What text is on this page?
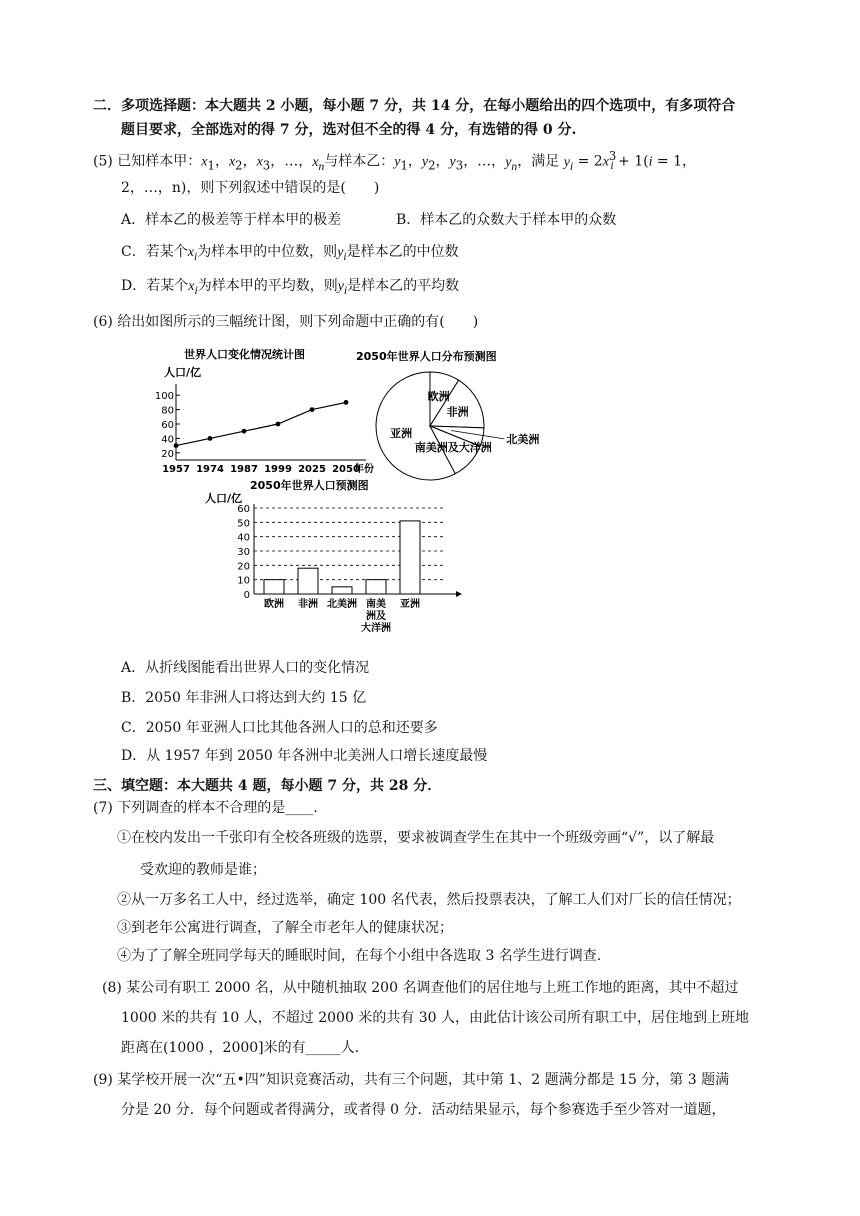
二．多项选择题：本大题共 2 小题，每小题 7 分，共 14 分，在每小题给出的四个选项中，有多项符合
题目要求，全部选对的得 7 分，选对但不全的得 4 分，有选错的得 0 分.
(5) 已知样本甲：$x_1$，$x_2$，$x_3$，…，$x_n$与样本乙：$y_1$，$y_2$，$y_3$，…，$y_n$，满足 $y_i = 2x^3_i + 1(i = 1$，
2，…，n)，则下列叙述中错误的是(　　)
A．样本乙的极差等于样本甲的极差	B．样本乙的众数大于样本甲的众数
C．若某个$x_i$为样本甲的中位数，则$y_i$是样本乙的中位数
D．若某个$x_i$为样本甲的平均数，则$y_i$是样本乙的平均数
(6) 给出如图所示的三幅统计图，则下列命题中正确的有(　　)
世界人口变化情况统计图
人口/亿
20
40
60
80
100
1957 1974 1987 1999 2025 2050
年份
2050年世界人口分布预测图
亚洲
欧洲
非洲
北美洲
南美洲及大洋洲
2050年世界人口预测图
人口/亿
0
10
20
30
40
50
60
欧洲 非洲 北美洲 南美
洲及
大洋洲
亚洲
A．从折线图能看出世界人口的变化情况
B．2050 年非洲人口将达到大约 15 亿
C．2050 年亚洲人口比其他各洲人口的总和还要多
D．从 1957 年到 2050 年各洲中北美洲人口增长速度最慢
三、填空题：本大题共 4 题，每小题 7 分，共 28 分．
(7) 下列调查的样本不合理的是____.
①在校内发出一千张印有全校各班级的选票，要求被调查学生在其中一个班级旁画“√”，以了解最
受欢迎的教师是谁；
②从一万多名工人中，经过选举，确定 100 名代表，然后投票表决，了解工人们对厂长的信任情况；
③到老年公寓进行调查，了解全市老年人的健康状况；
④为了了解全班同学每天的睡眠时间，在每个小组中各选取 3 名学生进行调查.
(8) 某公司有职工 2000 名，从中随机抽取 200 名调查他们的居住地与上班工作地的距离，其中不超过
1000 米的共有 10 人，不超过 2000 米的共有 30 人，由此估计该公司所有职工中，居住地到上班地
距离在(1000 ，2000]米的有_____人.
(9) 某学校开展一次“五•四”知识竞赛活动，共有三个问题，其中第 1、2 题满分都是 15 分，第 3 题满
分是 20 分．每个问题或者得满分，或者得 0 分．活动结果显示，每个参赛选手至少答对一道题，
